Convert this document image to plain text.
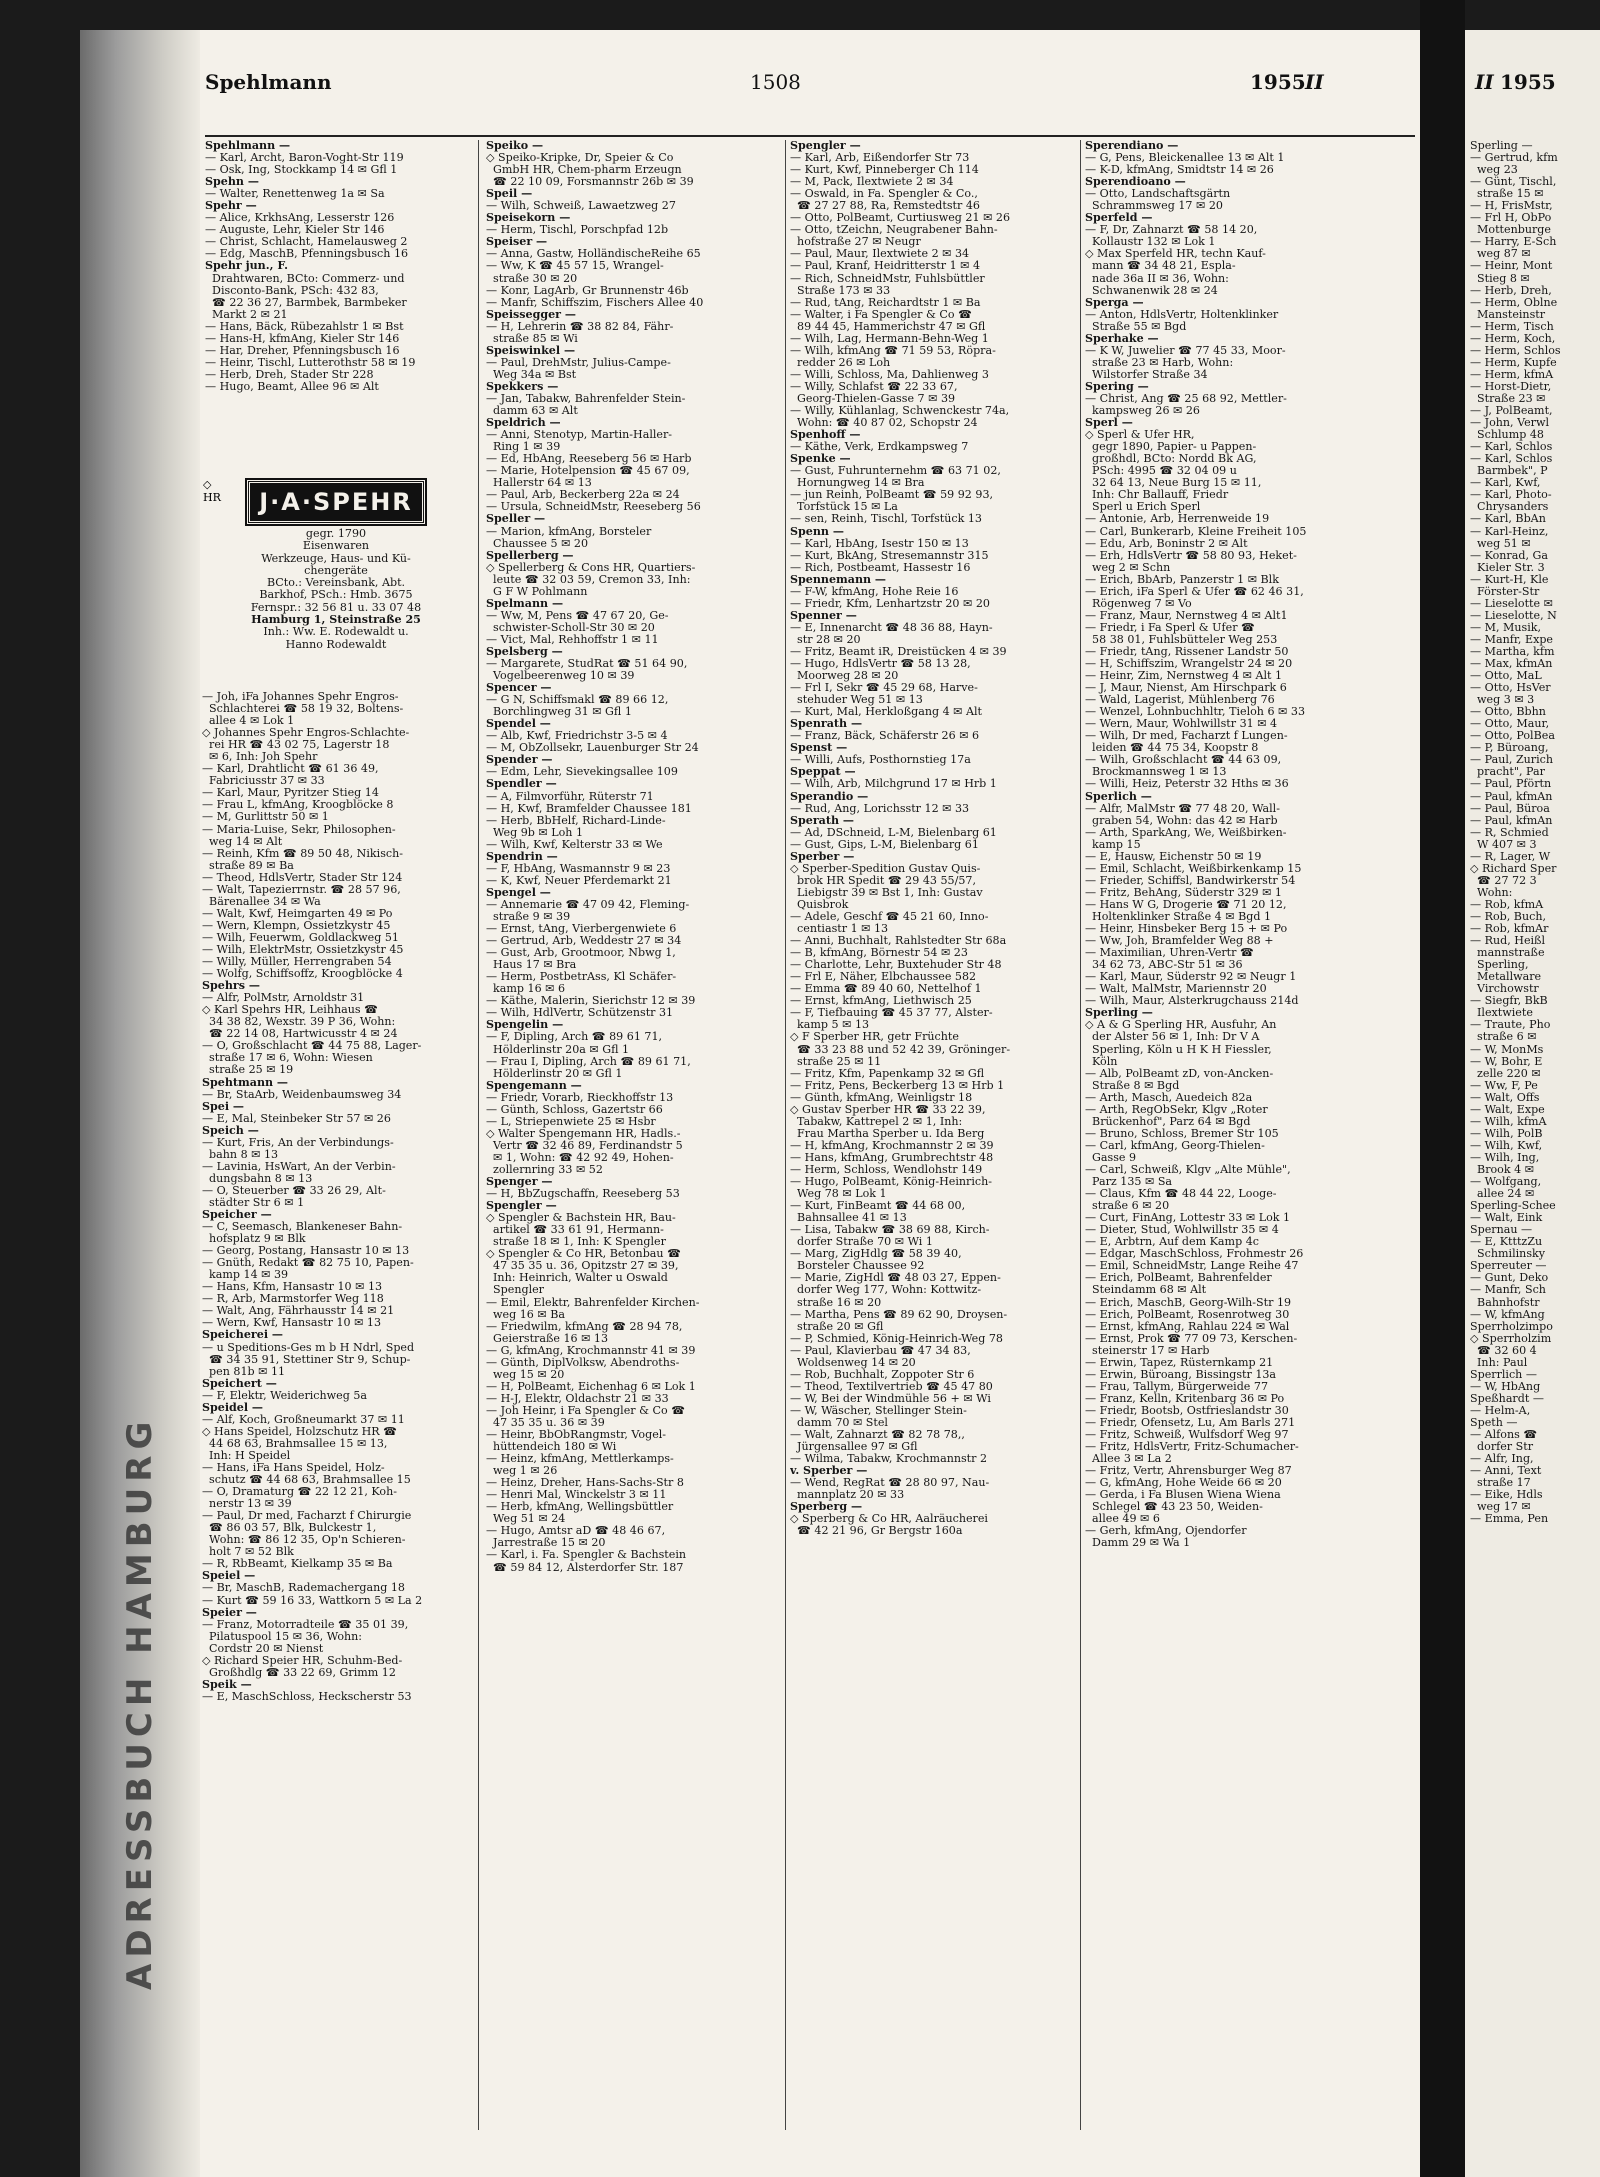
ADRESSBUCH HAMBURG
Spehlmann	1508	1955 II
Spehlmann —
— Karl, Archt, Baron-Voght-Str 119
— Osk, Ing, Stockkamp 14 ✉ Gfl 1
Spehn —
— Walter, Renettenweg 1a ✉ Sa
Spehr —
— Alice, KrkhsAng, Lesserstr 126
— Auguste, Lehr, Kieler Str 146
— Christ, Schlacht, Hamelausweg 2
— Edg, MaschB, Pfenningsbusch 16
Spehr jun., F.
Drahtwaren, BCto: Commerz- und
Disconto-Bank, PSch: 432 83,
☎ 22 36 27, Barmbek, Barmbeker
Markt 2 ✉ 21
— Hans, Bäck, Rübezahlstr 1 ✉ Bst
— Hans-H, kfmAng, Kieler Str 146
— Har, Dreher, Pfenningsbusch 16
— Heinr, Tischl, Lutterothstr 58 ✉ 19
— Herb, Dreh, Stader Str 228
— Hugo, Beamt, Allee 96 ✉ Alt
— Joh, iFa Johannes Spehr Engros-
Schlachterei ☎ 58 19 32, Boltens-
allee 4 ✉ Lok 1
◇ Johannes Spehr Engros-Schlachte-
rei HR ☎ 43 02 75, Lagerstr 18
✉ 6, Inh: Joh Spehr
— Karl, Drahtlicht ☎ 61 36 49,
Fabriciusstr 37 ✉ 33
— Karl, Maur, Pyritzer Stieg 14
— Frau L, kfmAng, Kroogblöcke 8
— M, Gurlittstr 50 ✉ 1
— Maria-Luise, Sekr, Philosophen-
weg 14 ✉ Alt
— Reinh, Kfm ☎ 89 50 48, Nikisch-
straße 89 ✉ Ba
— Theod, HdlsVertr, Stader Str 124
— Walt, Tapezierrnstr. ☎ 28 57 96,
Bärenallee 34 ✉ Wa
— Walt, Kwf, Heimgarten 49 ✉ Po
— Wern, Klempn, Ossietzkystr 45
— Wilh, Feuerwm, Goldlackweg 51
— Wilh, ElektrMstr, Ossietzkystr 45
— Willy, Müller, Herrengraben 54
— Wolfg, Schiffsoffz, Kroogblöcke 4
Spehrs —
— Alfr, PolMstr, Arnoldstr 31
◇ Karl Spehrs HR, Leihhaus ☎
34 38 82, Wexstr. 39 P 36, Wohn:
☎ 22 14 08, Hartwicusstr 4 ✉ 24
— O, Großschlacht ☎ 44 75 88, Lager-
straße 17 ✉ 6, Wohn: Wiesen
straße 25 ✉ 19
Spehtmann —
— Br, StaArb, Weidenbaumsweg 34
Spei —
— E, Mal, Steinbeker Str 57 ✉ 26
Speich —
— Kurt, Fris, An der Verbindungs-
bahn 8 ✉ 13
— Lavinia, HsWart, An der Verbin-
dungsbahn 8 ✉ 13
— O, Steuerber ☎ 33 26 29, Alt-
städter Str 6 ✉ 1
Speicher —
— C, Seemasch, Blankeneser Bahn-
hofsplatz 9 ✉ Blk
— Georg, Postang, Hansastr 10 ✉ 13
— Gnüth, Redakt ☎ 82 75 10, Papen-
kamp 14 ✉ 39
— Hans, Kfm, Hansastr 10 ✉ 13
— R, Arb, Marmstorfer Weg 118
— Walt, Ang, Fährhausstr 14 ✉ 21
— Wern, Kwf, Hansastr 10 ✉ 13
Speicherei —
— u Speditions-Ges m b H Ndrl, Sped
☎ 34 35 91, Stettiner Str 9, Schup-
pen 81b ✉ 11
Speichert —
— F, Elektr, Weiderichweg 5a
Speidel —
— Alf, Koch, Großneumarkt 37 ✉ 11
◇ Hans Speidel, Holzschutz HR ☎
44 68 63, Brahmsallee 15 ✉ 13,
Inh: H Speidel
— Hans, iFa Hans Speidel, Holz-
schutz ☎ 44 68 63, Brahmsallee 15
— O, Dramaturg ☎ 22 12 21, Koh-
nerstr 13 ✉ 39
— Paul, Dr med, Facharzt f Chirurgie
☎ 86 03 57, Blk, Bulckestr 1,
Wohn: ☎ 86 12 35, Op'n Schieren-
holt 7 ✉ 52 Blk
— R, RbBeamt, Kielkamp 35 ✉ Ba
Speiel —
— Br, MaschB, Rademachergang 18
— Kurt ☎ 59 16 33, Wattkorn 5 ✉ La 2
Speier —
— Franz, Motorradteile ☎ 35 01 39,
Pilatuspool 15 ✉ 36, Wohn:
Cordstr 20 ✉ Nienst
◇ Richard Speier HR, Schuhm-Bed-
Großhdlg ☎ 33 22 69, Grimm 12
Speik —
— E, MaschSchloss, Heckscherstr 53
Speiko —
◇ Speiko-Kripke, Dr, Speier & Co
GmbH HR, Chem-pharm Erzeugn
☎ 22 10 09, Forsmannstr 26b ✉ 39
Speil —
— Wilh, Schweiß, Lawaetzweg 27
Speisekorn —
— Herm, Tischl, Porschpfad 12b
Speiser —
— Anna, Gastw, HolländischeReihe 65
— Ww, K ☎ 45 57 15, Wrangel-
straße 30 ✉ 20
— Konr, LagArb, Gr Brunnenstr 46b
— Manfr, Schiffszim, Fischers Allee 40
Speissegger —
— H, Lehrerin ☎ 38 82 84, Fähr-
straße 85 ✉ Wi
Speiswinkel —
— Paul, DrehMstr, Julius-Campe-
Weg 34a ✉ Bst
Spekkers —
— Jan, Tabakw, Bahrenfelder Stein-
damm 63 ✉ Alt
Speldrich —
— Anni, Stenotyp, Martin-Haller-
Ring 1 ✉ 39
— Ed, HbAng, Reeseberg 56 ✉ Harb
— Marie, Hotelpension ☎ 45 67 09,
Hallerstr 64 ✉ 13
— Paul, Arb, Beckerberg 22a ✉ 24
— Ursula, SchneidMstr, Reeseberg 56
Speller —
— Marion, kfmAng, Borsteler
Chaussee 5 ✉ 20
Spellerberg —
◇ Spellerberg & Cons HR, Quartiers-
leute ☎ 32 03 59, Cremon 33, Inh:
G F W Pohlmann
Spelmann —
— Ww, M, Pens ☎ 47 67 20, Ge-
schwister-Scholl-Str 30 ✉ 20
— Vict, Mal, Rehhoffstr 1 ✉ 11
Spelsberg —
— Margarete, StudRat ☎ 51 64 90,
Vogelbeerenweg 10 ✉ 39
Spencer —
— G N, Schiffsmakl ☎ 89 66 12,
Borchlingweg 31 ✉ Gfl 1
Spendel —
— Alb, Kwf, Friedrichstr 3-5 ✉ 4
— M, ObZollsekr, Lauenburger Str 24
Spender —
— Edm, Lehr, Sievekingsallee 109
Spendler —
— A, Filmvorführ, Rüterstr 71
— H, Kwf, Bramfelder Chaussee 181
— Herb, BbHelf, Richard-Linde-
Weg 9b ✉ Loh 1
— Wilh, Kwf, Kelterstr 33 ✉ We
Spendrin —
— F, HbAng, Wasmannstr 9 ✉ 23
— K, Kwf, Neuer Pferdemarkt 21
Spengel —
— Annemarie ☎ 47 09 42, Fleming-
straße 9 ✉ 39
— Ernst, tAng, Vierbergenwiete 6
— Gertrud, Arb, Weddestr 27 ✉ 34
— Gust, Arb, Grootmoor, Nbwg 1,
Haus 17 ✉ Bra
— Herm, PostbetrAss, Kl Schäfer-
kamp 16 ✉ 6
— Käthe, Malerin, Sierichstr 12 ✉ 39
— Wilh, HdlVertr, Schützenstr 31
Spengelin —
— F, Dipling, Arch ☎ 89 61 71,
Hölderlinstr 20a ✉ Gfl 1
— Frau I, Dipling, Arch ☎ 89 61 71,
Hölderlinstr 20 ✉ Gfl 1
Spengemann —
— Friedr, Vorarb, Rieckhoffstr 13
— Günth, Schloss, Gazertstr 66
— L, Striepenwiete 25 ✉ Hsbr
◇ Walter Spengemann HR, Hadls.-
Vertr ☎ 32 46 89, Ferdinandstr 5
✉ 1, Wohn: ☎ 42 92 49, Hohen-
zollernring 33 ✉ 52
Spenger —
— H, BbZugschaffn, Reeseberg 53
Spengler —
◇ Spengler & Bachstein HR, Bau-
artikel ☎ 33 61 91, Hermann-
straße 18 ✉ 1, Inh: K Spengler
◇ Spengler & Co HR, Betonbau ☎
47 35 35 u. 36, Opitzstr 27 ✉ 39,
Inh: Heinrich, Walter u Oswald
Spengler
— Emil, Elektr, Bahrenfelder Kirchen-
weg 16 ✉ Ba
— Friedwilm, kfmAng ☎ 28 94 78,
Geierstraße 16 ✉ 13
— G, kfmAng, Krochmannstr 41 ✉ 39
— Günth, DiplVolksw, Abendroths-
weg 15 ✉ 20
— H, PolBeamt, Eichenhag 6 ✉ Lok 1
— H-J, Elektr, Oldachstr 21 ✉ 33
— Joh Heinr, i Fa Spengler & Co ☎
47 35 35 u. 36 ✉ 39
— Heinr, BbObRangmstr, Vogel-
hüttendeich 180 ✉ Wi
— Heinz, kfmAng, Mettlerkamps-
weg 1 ✉ 26
— Heinz, Dreher, Hans-Sachs-Str 8
— Henri Mal, Winckelstr 3 ✉ 11
— Herb, kfmAng, Wellingsbüttler
Weg 51 ✉ 24
— Hugo, Amtsr aD ☎ 48 46 67,
Jarrestraße 15 ✉ 20
— Karl, i. Fa. Spengler & Bachstein
☎ 59 84 12, Alsterdorfer Str. 187
Spengler —
— Karl, Arb, Eißendorfer Str 73
— Kurt, Kwf, Pinneberger Ch 114
— M, Pack, Ilextwiete 2 ✉ 34
— Oswald, in Fa. Spengler & Co.,
☎ 27 27 88, Ra, Remstedtstr 46
— Otto, PolBeamt, Curtiusweg 21 ✉ 26
— Otto, tZeichn, Neugrabener Bahn-
hofstraße 27 ✉ Neugr
— Paul, Maur, Ilextwiete 2 ✉ 34
— Paul, Kranf, Heidritterstr 1 ✉ 4
— Rich, SchneidMstr, Fuhlsbüttler
Straße 173 ✉ 33
— Rud, tAng, Reichardtstr 1 ✉ Ba
— Walter, i Fa Spengler & Co ☎
89 44 45, Hammerichstr 47 ✉ Gfl
— Wilh, Lag, Hermann-Behn-Weg 1
— Wilh, kfmAng ☎ 71 59 53, Röpra-
redder 26 ✉ Loh
— Willi, Schloss, Ma, Dahlienweg 3
— Willy, Schlafst ☎ 22 33 67,
Georg-Thielen-Gasse 7 ✉ 39
— Willy, Kühlanlag, Schwenckestr 74a,
Wohn: ☎ 40 87 02, Schopstr 24
Spenhoff —
— Käthe, Verk, Erdkampsweg 7
Spenke —
— Gust, Fuhrunternehm ☎ 63 71 02,
Hornungweg 14 ✉ Bra
— jun Reinh, PolBeamt ☎ 59 92 93,
Torfstück 15 ✉ La
— sen, Reinh, Tischl, Torfstück 13
Spenn —
— Karl, HbAng, Isestr 150 ✉ 13
— Kurt, BkAng, Stresemannstr 315
— Rich, Postbeamt, Hassestr 16
Spennemann —
— F-W, kfmAng, Hohe Reie 16
— Friedr, Kfm, Lenhartzstr 20 ✉ 20
Spenner —
— E, Innenarcht ☎ 48 36 88, Hayn-
str 28 ✉ 20
— Fritz, Beamt iR, Dreistücken 4 ✉ 39
— Hugo, HdlsVertr ☎ 58 13 28,
Moorweg 28 ✉ 20
— Frl I, Sekr ☎ 45 29 68, Harve-
stehuder Weg 51 ✉ 13
— Kurt, Mal, Herkloßgang 4 ✉ Alt
Spenrath —
— Franz, Bäck, Schäferstr 26 ✉ 6
Spenst —
— Willi, Aufs, Posthornstieg 17a
Speppat —
— Wilh, Arb, Milchgrund 17 ✉ Hrb 1
Sperandio —
— Rud, Ang, Lorichsstr 12 ✉ 33
Sperath —
— Ad, DSchneid, L-M, Bielenbarg 61
— Gust, Gips, L-M, Bielenbarg 61
Sperber —
◇ Sperber-Spedition Gustav Quis-
brok HR Spedit ☎ 29 43 55/57,
Liebigstr 39 ✉ Bst 1, Inh: Gustav
Quisbrok
— Adele, Geschf ☎ 45 21 60, Inno-
centiastr 1 ✉ 13
— Anni, Buchhalt, Rahlstedter Str 68a
— B, kfmAng, Börnestr 54 ✉ 23
— Charlotte, Lehr, Buxtehuder Str 48
— Frl E, Näher, Elbchaussee 582
— Emma ☎ 89 40 60, Nettelhof 1
— Ernst, kfmAng, Liethwisch 25
— F, Tiefbauing ☎ 45 37 77, Alster-
kamp 5 ✉ 13
◇ F Sperber HR, getr Früchte
☎ 33 23 88 und 52 42 39, Gröninger-
straße 25 ✉ 11
— Fritz, Kfm, Papenkamp 32 ✉ Gfl
— Fritz, Pens, Beckerberg 13 ✉ Hrb 1
— Günth, kfmAng, Weinligstr 18
◇ Gustav Sperber HR ☎ 33 22 39,
Tabakw, Kattrepel 2 ✉ 1, Inh:
Frau Martha Sperber u. Ida Berg
— H, kfmAng, Krochmannstr 2 ✉ 39
— Hans, kfmAng, Grumbrechtstr 48
— Herm, Schloss, Wendlohstr 149
— Hugo, PolBeamt, König-Heinrich-
Weg 78 ✉ Lok 1
— Kurt, FinBeamt ☎ 44 68 00,
Bahnsallee 41 ✉ 13
— Lisa, Tabakw ☎ 38 69 88, Kirch-
dorfer Straße 70 ✉ Wi 1
— Marg, ZigHdlg ☎ 58 39 40,
Borsteler Chaussee 92
— Marie, ZigHdl ☎ 48 03 27, Eppen-
dorfer Weg 177, Wohn: Kottwitz-
straße 16 ✉ 20
— Martha, Pens ☎ 89 62 90, Droysen-
straße 20 ✉ Gfl
— P, Schmied, König-Heinrich-Weg 78
— Paul, Klavierbau ☎ 47 34 83,
Woldsenweg 14 ✉ 20
— Rob, Buchhalt, Zoppoter Str 6
— Theod, Textilvertrieb ☎ 45 47 80
— W, Bei der Windmühle 56 + ✉ Wi
— W, Wäscher, Stellinger Stein-
damm 70 ✉ Stel
— Walt, Zahnarzt ☎ 82 78 78,,
Jürgensallee 97 ✉ Gfl
— Wilma, Tabakw, Krochmannstr 2
v. Sperber —
— Wend, RegRat ☎ 28 80 97, Nau-
mannplatz 20 ✉ 33
Sperberg —
◇ Sperberg & Co HR, Aalräucherei
☎ 42 21 96, Gr Bergstr 160a
Sperendiano —
— G, Pens, Bleickenallee 13 ✉ Alt 1
— K-D, kfmAng, Smidtstr 14 ✉ 26
Sperendioano —
— Otto, Landschaftsgärtn
Schrammsweg 17 ✉ 20
Sperfeld —
— F, Dr, Zahnarzt ☎ 58 14 20,
Kollaustr 132 ✉ Lok 1
◇ Max Sperfeld HR, techn Kauf-
mann ☎ 34 48 21, Espla-
nade 36a II ✉ 36, Wohn:
Schwanenwik 28 ✉ 24
Sperga —
— Anton, HdlsVertr, Holtenklinker
Straße 55 ✉ Bgd
Sperhake —
— K W, Juwelier ☎ 77 45 33, Moor-
straße 23 ✉ Harb, Wohn:
Wilstorfer Straße 34
Spering —
— Christ, Ang ☎ 25 68 92, Mettler-
kampsweg 26 ✉ 26
Sperl —
◇ Sperl & Ufer HR,
gegr 1890, Papier- u Pappen-
großhdl, BCto: Nordd Bk AG,
PSch: 4995 ☎ 32 04 09 u
32 64 13, Neue Burg 15 ✉ 11,
Inh: Chr Ballauff, Friedr
Sperl u Erich Sperl
— Antonie, Arb, Herrenweide 19
— Carl, Bunkerarb, Kleine Freiheit 105
— Edu, Arb, Boninstr 2 ✉ Alt
— Erh, HdlsVertr ☎ 58 80 93, Heket-
weg 2 ✉ Schn
— Erich, BbArb, Panzerstr 1 ✉ Blk
— Erich, iFa Sperl & Ufer ☎ 62 46 31,
Rögenweg 7 ✉ Vo
— Franz, Maur, Nernstweg 4 ✉ Alt1
— Friedr, i Fa Sperl & Ufer ☎
58 38 01, Fuhlsbütteler Weg 253
— Friedr, tAng, Rissener Landstr 50
— H, Schiffszim, Wrangelstr 24 ✉ 20
— Heinr, Zim, Nernstweg 4 ✉ Alt 1
— J, Maur, Nienst, Am Hirschpark 6
— Wald, Lagerist, Mühlenberg 76
— Wenzel, Lohnbuchhltr, Tieloh 6 ✉ 33
— Wern, Maur, Wohlwillstr 31 ✉ 4
— Wilh, Dr med, Facharzt f Lungen-
leiden ☎ 44 75 34, Koopstr 8
— Wilh, Großschlacht ☎ 44 63 09,
Brockmannsweg 1 ✉ 13
— Willi, Heiz, Peterstr 32 Hths ✉ 36
Sperlich —
— Alfr, MalMstr ☎ 77 48 20, Wall-
graben 54, Wohn: das 42 ✉ Harb
— Arth, SparkAng, We, Weißbirken-
kamp 15
— E, Hausw, Eichenstr 50 ✉ 19
— Emil, Schlacht, Weißbirkenkamp 15
— Frieder, Schiffsl, Bandwirkerstr 54
— Fritz, BehAng, Süderstr 329 ✉ 1
— Hans W G, Drogerie ☎ 71 20 12,
Holtenklinker Straße 4 ✉ Bgd 1
— Heinr, Hinsbeker Berg 15 + ✉ Po
— Ww, Joh, Bramfelder Weg 88 +
— Maximilian, Uhren-Vertr ☎
34 62 73, ABC-Str 51 ✉ 36
— Karl, Maur, Süderstr 92 ✉ Neugr 1
— Walt, MalMstr, Mariennstr 20
— Wilh, Maur, Alsterkrugchauss 214d
Sperling —
◇ A & G Sperling HR, Ausfuhr, An
der Alster 56 ✉ 1, Inh: Dr V A
Sperling, Köln u H K H Fiessler,
Köln
— Alb, PolBeamt zD, von-Ancken-
Straße 8 ✉ Bgd
— Arth, Masch, Auedeich 82a
— Arth, RegObSekr, Klgv „Roter
Brückenhof", Parz 64 ✉ Bgd
— Bruno, Schloss, Bremer Str 105
— Carl, kfmAng, Georg-Thielen-
Gasse 9
— Carl, Schweiß, Klgv „Alte Mühle",
Parz 135 ✉ Sa
— Claus, Kfm ☎ 48 44 22, Looge-
straße 6 ✉ 20
— Curt, FinAng, Lottestr 33 ✉ Lok 1
— Dieter, Stud, Wohlwillstr 35 ✉ 4
— E, Arbtrn, Auf dem Kamp 4c
— Edgar, MaschSchloss, Frohmestr 26
— Emil, SchneidMstr, Lange Reihe 47
— Erich, PolBeamt, Bahrenfelder
Steindamm 68 ✉ Alt
— Erich, MaschB, Georg-Wilh-Str 19
— Erich, PolBeamt, Rosenrotweg 30
— Ernst, kfmAng, Rahlau 224 ✉ Wal
— Ernst, Prok ☎ 77 09 73, Kerschen-
steinerstr 17 ✉ Harb
— Erwin, Tapez, Rüsternkamp 21
— Erwin, Büroang, Bissingstr 13a
— Frau, Tallym, Bürgerweide 77
— Franz, Kelln, Kritenbarg 36 ✉ Po
— Friedr, Bootsb, Ostfrieslandstr 30
— Friedr, Ofensetz, Lu, Am Barls 271
— Fritz, Schweiß, Wulfsdorf Weg 97
— Fritz, HdlsVertr, Fritz-Schumacher-
Allee 3 ✉ La 2
— Fritz, Vertr, Ahrensburger Weg 87
— G, kfmAng, Hohe Weide 66 ✉ 20
— Gerda, i Fa Blusen Wiena Wiena
Schlegel ☎ 43 23 50, Weiden-
allee 49 ✉ 6
— Gerh, kfmAng, Ojendorfer
Damm 29 ✉ Wa 1
◇
HR	J·A·SPEHR
gegr. 1790
Eisenwaren
Werkzeuge, Haus- und Kü-
chengeräte
BCto.: Vereinsbank, Abt.
Barkhof, PSch.: Hmb. 3675
Fernspr.: 32 56 81 u. 33 07 48
Hamburg 1, Steinstraße 25
Inh.: Ww. E. Rodewaldt u.
Hanno Rodewaldt
II 1955
Sperling —
— Gertrud, kfm
weg 23
— Günt, Tischl,
straße 15 ✉
— H, FrisMstr,
— Frl H, ObPo
Mottenburge
— Harry, E-Sch
weg 87 ✉
— Heinr, Mont
Stieg 8 ✉
— Herb, Dreh,
— Herm, Oblne
Mansteinstr
— Herm, Tisch
— Herm, Koch,
— Herm, Schlos
— Herm, Kupfe
— Herm, kfmA
— Horst-Dietr,
Straße 23 ✉
— J, PolBeamt,
— John, Verwl
Schlump 48
— Karl, Schlos
— Karl, Schlos
Barmbek", P
— Karl, Kwf,
— Karl, Photo-
Chrysanders
— Karl, BbAn
— Karl-Heinz,
weg 51 ✉
— Konrad, Ga
Kieler Str. 3
— Kurt-H, Kle
Förster-Str
— Lieselotte ✉
— Lieselotte, N
— M, Musik,
— Manfr, Expe
— Martha, kfm
— Max, kfmAn
— Otto, MaL
— Otto, HsVer
weg 3 ✉ 3
— Otto, Bbhn
— Otto, Maur,
— Otto, PolBea
— P, Büroang,
— Paul, Zurich
pracht", Par
— Paul, Pförtn
— Paul, kfmAn
— Paul, Büroa
— Paul, kfmAn
— R, Schmied
W 407 ✉ 3
— R, Lager, W
◇ Richard Sper
☎ 27 72 3
Wohn:
— Rob, kfmA
— Rob, Buch,
— Rob, kfmAr
— Rud, Heißl
mannstraße
Sperling,
Metallware
Virchowstr
— Siegfr, BkB
Ilextwiete
— Traute, Pho
straße 6 ✉
— W, MonMs
— W, Bohr, E
zelle 220 ✉
— Ww, F, Pe
— Walt, Offs
— Walt, Expe
— Wilh, kfmA
— Wilh, PolB
— Wilh, Kwf,
— Wilh, Ing,
Brook 4 ✉
— Wolfgang,
allee 24 ✉
Sperling-Schee
— Walt, Eink
Spernau —
— E, KtttzZu
Schmilinsky
Sperreuter —
— Gunt, Deko
— Manfr, Sch
Bahnhofstr
— W, kfmAng
Sperrholzimpo
◇ Sperrholzim
☎ 32 60 4
Inh: Paul
Sperrlich —
— W, HbAng
Speßhardt —
— Helm-A,
Speth —
— Alfons ☎
dorfer Str
— Alfr, Ing,
— Anni, Text
straße 17
— Eike, Hdls
weg 17 ✉
— Emma, Pen
